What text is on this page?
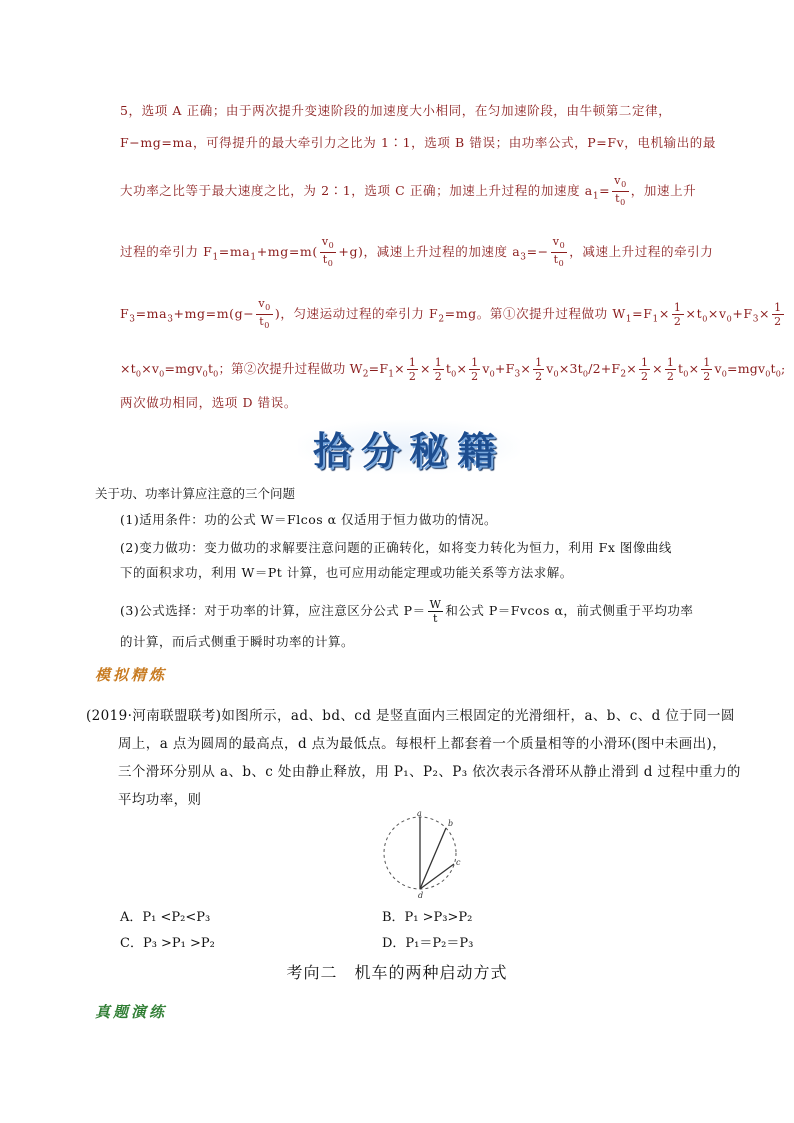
5，选项 A 正确；由于两次提升变速阶段的加速度大小相同，在匀加速阶段，由牛顿第二定律，
F−mg=ma，可得提升的最大牵引力之比为 1∶1，选项 B 错误；由功率公式，P=Fv，电机输出的最
大功率之比等于最大速度之比，为 2∶1，选项 C 正确；加速上升过程的加速度 $a_1= \frac{v_0}{t_0}$ ，加速上升
过程的牵引力 $F_1=ma_1+mg=m( \frac{v_0}{t_0} +g)$，减速上升过程的加速度 $a_3=- \frac{v_0}{t_0}$ ，减速上升过程的牵引力
$F_3=ma_3+mg=m(g- \frac{v_0}{t_0}$ )，匀速运动过程的牵引力 $F_2=mg$。第①次提升过程做功 $W_1=F_1\times \frac{1}{2} \times t_0\times v_0+F_3\times \frac{1}{2}$
$\times t_0\times v_0=mgv_0t_0$；第②次提升过程做功 $W_2=F_1\times \frac{1}{2} \times \frac{1}{2} t_0\times \frac{1}{2} v_0+F_3\times \frac{1}{2} v_0\times 3t_0/2+F_2\times \frac{1}{2} \times \frac{1}{2} t_0\times \frac{1}{2} v_0=mgv_0t_0$;
两次做功相同，选项 D 错误。
拾分秘籍
关于功、功率计算应注意的三个问题
(1)适用条件：功的公式 W＝Flcos α 仅适用于恒力做功的情况。
(2)变力做功：变力做功的求解要注意问题的正确转化，如将变力转化为恒力，利用 Fx 图像曲线
下的面积求功，利用 W＝Pt 计算，也可应用动能定理或功能关系等方法求解。
(3)公式选择：对于功率的计算，应注意区分公式 $P= \frac{W}{t}$ 和公式 P＝Fvcos α，前式侧重于平均功率
的计算，而后式侧重于瞬时功率的计算。
模拟精炼
(2019·河南联盟联考)如图所示，ad、bd、cd 是竖直面内三根固定的光滑细杆，a、b、c、d 位于同一圆
周上，a 点为圆周的最高点，d 点为最低点。每根杆上都套着一个质量相等的小滑环(图中未画出)，
三个滑环分别从 a、b、c 处由静止释放，用 P₁、P₂、P₃ 依次表示各滑环从静止滑到 d 过程中重力的
平均功率，则
a
b
c
d
A．P₁ <P₂<P₃	B．P₁ >P₃>P₂
C．P₃ >P₁ >P₂	D．P₁＝P₂＝P₃
考向二　机车的两种启动方式
真题演练
